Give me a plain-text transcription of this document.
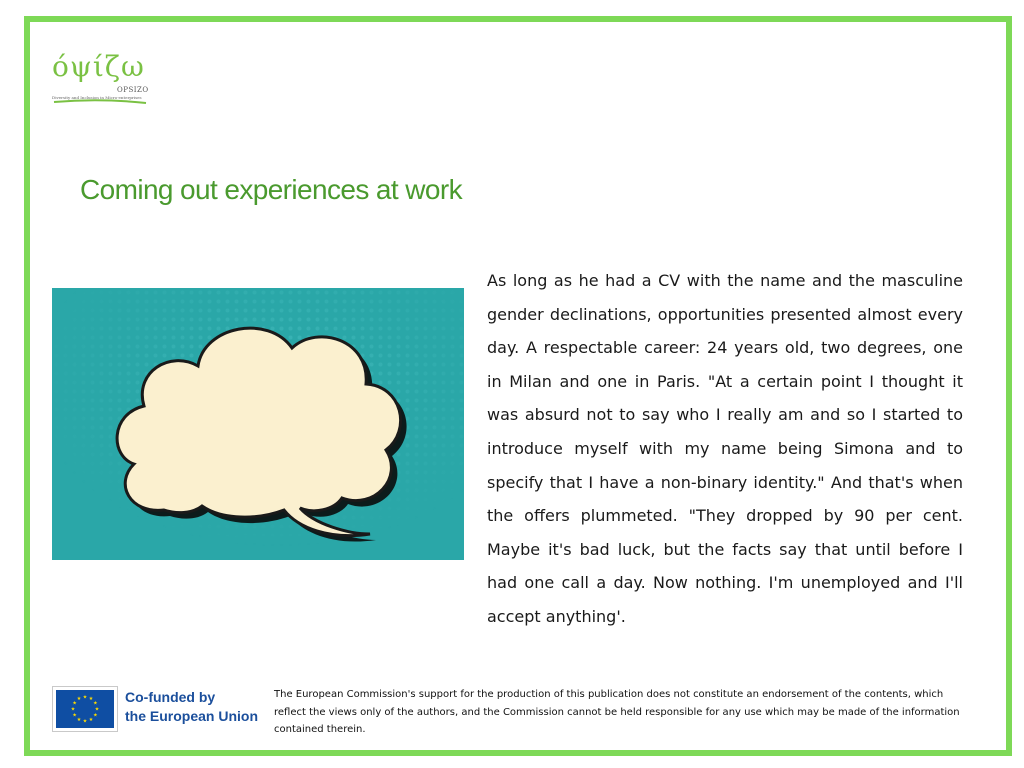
όψίζω
OPSIZO
Diversity and Inclusion in Micro-enterprises
Coming out experiences at work

As long as he had a CV with the name and the masculine gender declinations, opportunities presented almost every day. A respectable career: 24 years old, two degrees, one in Milan and one in Paris. "At a certain point I thought it was absurd not to say who I really am and so I started to introduce myself with my name being Simona and to specify that I have a non-binary identity." And that's when the offers plummeted. "They dropped by 90 per cent. Maybe it's bad luck, but the facts say that until before I had one call a day. Now nothing. I'm unemployed and I'll accept anything'.

★ ★
★
★
★
★
★
★
★
★
★
★	Co-funded by
the European Union

The European Commission's support for the production of this publication does not constitute an endorsement of the contents, which reflect the views only of the authors, and the Commission cannot be held responsible for any use which may be made of the information contained therein.
